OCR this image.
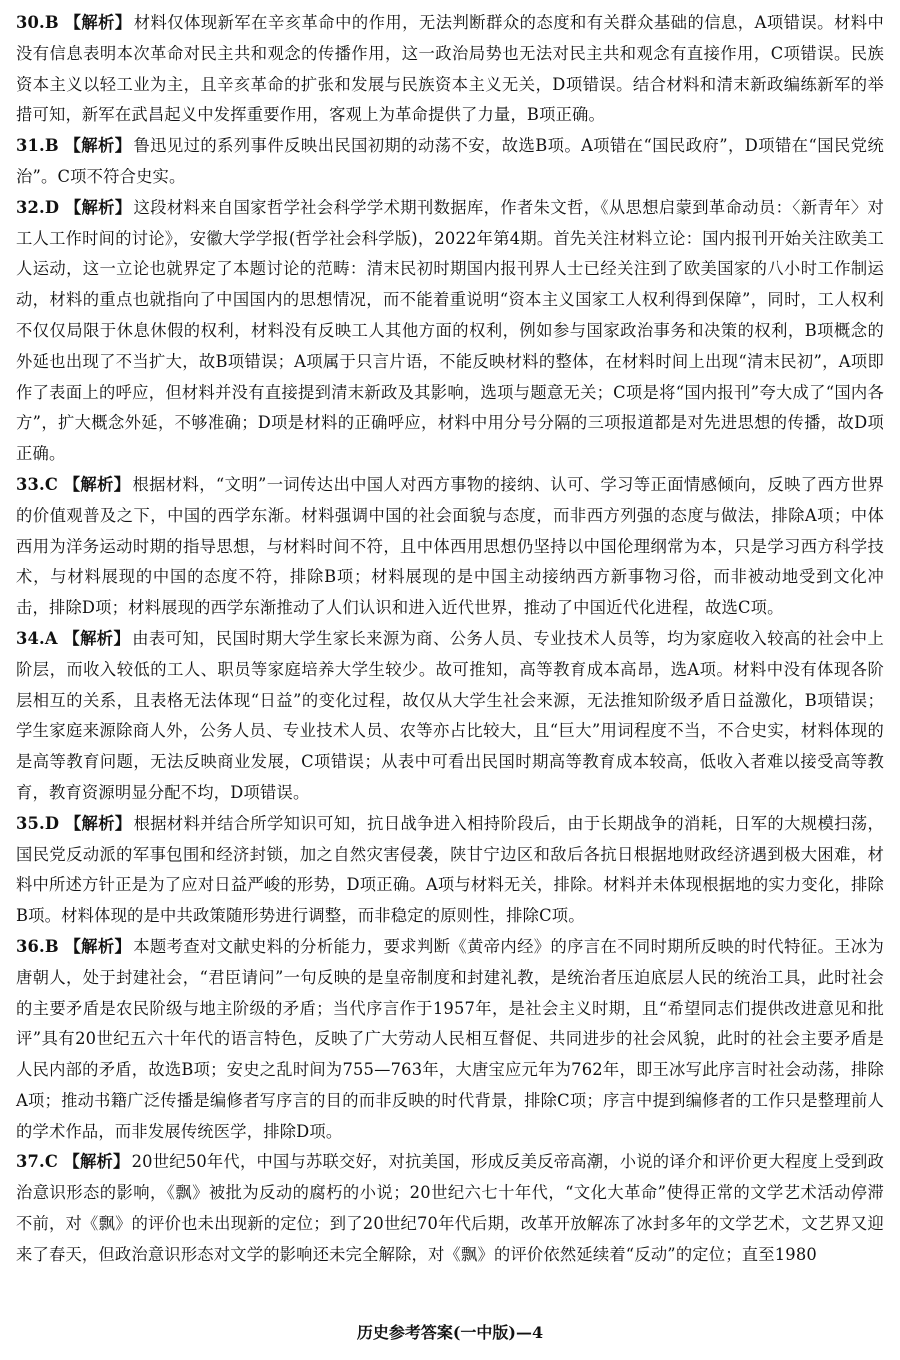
30.B 【解析】 材料仅体现新军在辛亥革命中的作用，无法判断群众的态度和有关群众基础的信息，A项错误。材料中没有信息表明本次革命对民主共和观念的传播作用，这一政治局势也无法对民主共和观念有直接作用，C项错误。民族资本主义以轻工业为主，且辛亥革命的扩张和发展与民族资本主义无关，D项错误。结合材料和清末新政编练新军的举措可知，新军在武昌起义中发挥重要作用，客观上为革命提供了力量，B项正确。

31.B 【解析】 鲁迅见过的系列事件反映出民国初期的动荡不安，故选B项。A项错在“国民政府”，D项错在“国民党统治”。C项不符合史实。

32.D 【解析】 这段材料来自国家哲学社会科学学术期刊数据库，作者朱文哲，《从思想启蒙到革命动员：〈新青年〉对工人工作时间的讨论》，安徽大学学报(哲学社会科学版)，2022年第4期。首先关注材料立论：国内报刊开始关注欧美工人运动，这一立论也就界定了本题讨论的范畴：清末民初时期国内报刊界人士已经关注到了欧美国家的八小时工作制运动，材料的重点也就指向了中国国内的思想情况，而不能着重说明“资本主义国家工人权利得到保障”，同时，工人权利不仅仅局限于休息休假的权利，材料没有反映工人其他方面的权利，例如参与国家政治事务和决策的权利，B项概念的外延也出现了不当扩大，故B项错误；A项属于只言片语，不能反映材料的整体，在材料时间上出现“清末民初”，A项即作了表面上的呼应，但材料并没有直接提到清末新政及其影响，选项与题意无关；C项是将“国内报刊”夸大成了“国内各方”，扩大概念外延，不够准确；D项是材料的正确呼应，材料中用分号分隔的三项报道都是对先进思想的传播，故D项正确。

33.C 【解析】 根据材料，“文明”一词传达出中国人对西方事物的接纳、认可、学习等正面情感倾向，反映了西方世界的价值观普及之下，中国的西学东渐。材料强调中国的社会面貌与态度，而非西方列强的态度与做法，排除A项；中体西用为洋务运动时期的指导思想，与材料时间不符，且中体西用思想仍坚持以中国伦理纲常为本，只是学习西方科学技术，与材料展现的中国的态度不符，排除B项；材料展现的是中国主动接纳西方新事物习俗，而非被动地受到文化冲击，排除D项；材料展现的西学东渐推动了人们认识和进入近代世界，推动了中国近代化进程，故选C项。

34.A 【解析】 由表可知，民国时期大学生家长来源为商、公务人员、专业技术人员等，均为家庭收入较高的社会中上阶层，而收入较低的工人、职员等家庭培养大学生较少。故可推知，高等教育成本高昂，选A项。材料中没有体现各阶层相互的关系，且表格无法体现“日益”的变化过程，故仅从大学生社会来源，无法推知阶级矛盾日益激化，B项错误；学生家庭来源除商人外，公务人员、专业技术人员、农等亦占比较大，且“巨大”用词程度不当，不合史实，材料体现的是高等教育问题，无法反映商业发展，C项错误；从表中可看出民国时期高等教育成本较高，低收入者难以接受高等教育，教育资源明显分配不均，D项错误。

35.D 【解析】 根据材料并结合所学知识可知，抗日战争进入相持阶段后，由于长期战争的消耗，日军的大规模扫荡，国民党反动派的军事包围和经济封锁，加之自然灾害侵袭，陕甘宁边区和敌后各抗日根据地财政经济遇到极大困难，材料中所述方针正是为了应对日益严峻的形势，D项正确。A项与材料无关，排除。材料并未体现根据地的实力变化，排除B项。材料体现的是中共政策随形势进行调整，而非稳定的原则性，排除C项。

36.B 【解析】 本题考查对文献史料的分析能力，要求判断《黄帝内经》的序言在不同时期所反映的时代特征。王冰为唐朝人，处于封建社会，“君臣请问”一句反映的是皇帝制度和封建礼教，是统治者压迫底层人民的统治工具，此时社会的主要矛盾是农民阶级与地主阶级的矛盾；当代序言作于1957年，是社会主义时期，且“希望同志们提供改进意见和批评”具有20世纪五六十年代的语言特色，反映了广大劳动人民相互督促、共同进步的社会风貌，此时的社会主要矛盾是人民内部的矛盾，故选B项；安史之乱时间为755—763年，大唐宝应元年为762年，即王冰写此序言时社会动荡，排除A项；推动书籍广泛传播是编修者写序言的目的而非反映的时代背景，排除C项；序言中提到编修者的工作只是整理前人的学术作品，而非发展传统医学，排除D项。

37.C 【解析】 20世纪50年代，中国与苏联交好，对抗美国，形成反美反帝高潮，小说的译介和评价更大程度上受到政治意识形态的影响，《飘》被批为反动的腐朽的小说；20世纪六七十年代，“文化大革命”使得正常的文学艺术活动停滞不前，对《飘》的评价也未出现新的定位；到了20世纪70年代后期，改革开放解冻了冰封多年的文学艺术，文艺界又迎来了春天，但政治意识形态对文学的影响还未完全解除，对《飘》的评价依然延续着“反动”的定位；直至1980

历史参考答案(一中版)—4
